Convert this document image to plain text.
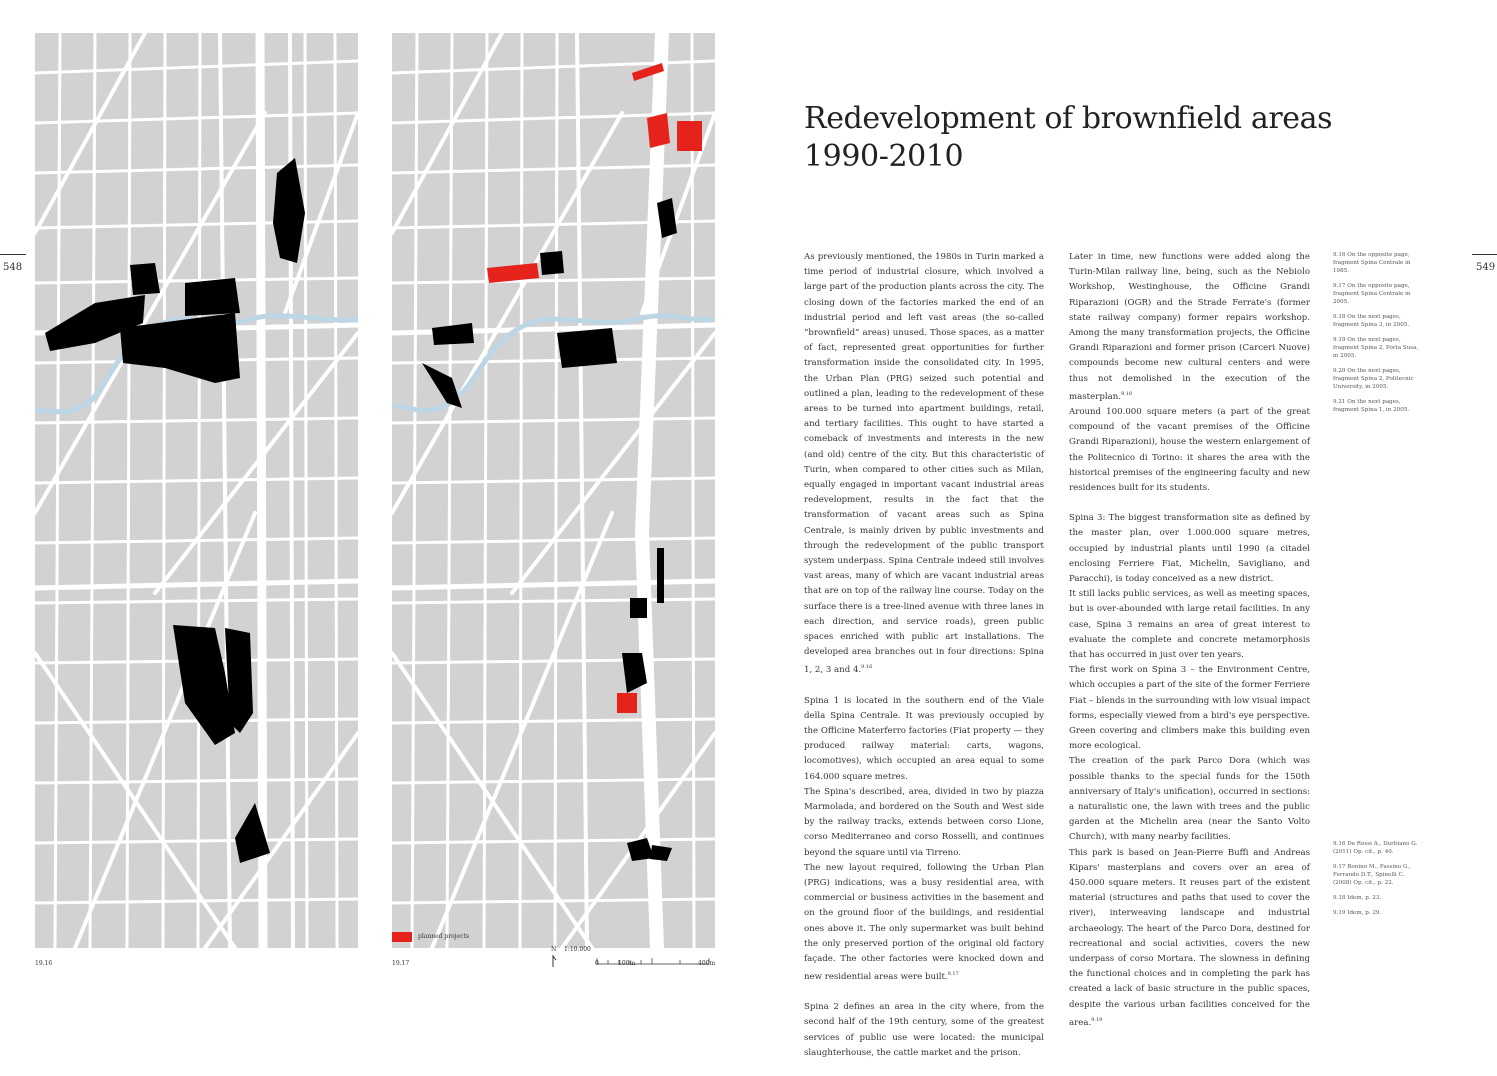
548	549
planned projects
19.16	19.17
N 1:10.000
0	100m	400m
Redevelopment of brownfield areas
1990-2010

As previously mentioned, the 1980s in Turin marked a time period of industrial closure, which involved a large part of the production plants across the city. The closing down of the factories marked the end of an industrial period and left vast areas (the so-called “brownfield” areas) unused. Those spaces, as a matter of fact, represented great opportunities for further transformation inside the consolidated city. In 1995, the Urban Plan (PRG) seized such potential and outlined a plan, leading to the redevelopment of these areas to be turned into apartment buildings, retail, and tertiary facilities. This ought to have started a comeback of investments and interests in the new (and old) centre of the city. But this characteristic of Turin, when compared to other cities such as Milan, equally engaged in important vacant industrial areas redevelopment, results in the fact that the transformation of vacant areas such as Spina Centrale, is mainly driven by public investments and through the redevelopment of the public transport system underpass. Spina Centrale indeed still involves vast areas, many of which are vacant industrial areas that are on top of the railway line course. Today on the surface there is a tree-lined avenue with three lanes in each direction, and service roads), green public spaces enriched with public art installations. The developed area branches out in four directions: Spina 1, 2, 3 and 4.$^{9.16}$

Spina 1 is located in the southern end of the Viale della Spina Centrale. It was previously occupied by the Officine Materferro factories (Fiat property — they produced railway material: carts, wagons, locomotives), which occupied an area equal to some 164.000 square metres.

The Spina's described, area, divided in two by piazza Marmolada, and bordered on the South and West side by the railway tracks, extends between corso Lione, corso Mediterraneo and corso Rosselli, and continues beyond the square until via Tirreno.

The new layout required, following the Urban Plan (PRG) indications, was a busy residential area, with commercial or business activities in the basement and on the ground floor of the buildings, and residential ones above it. The only supermarket was built behind the only preserved portion of the original old factory façade. The other factories were knocked down and new residential areas were built.$^{9.17}$

Spina 2 defines an area in the city where, from the second half of the 19th century, some of the greatest services of public use were located: the municipal slaughterhouse, the cattle market and the prison.

Later in time, new functions were added along the Turin-Milan railway line, being, such as the Nebiolo Workshop, Westinghouse, the Officine Grandi Riparazioni (OGR) and the Strade Ferrate's (former state railway company) former repairs workshop. Among the many transformation projects, the Officine Grandi Riparazioni and former prison (Carceri Nuove) compounds become new cultural centers and were thus not demolished in the execution of the masterplan.$^{9.18}$

Around 100.000 square meters (a part of the great compound of the vacant premises of the Officine Grandi Riparazioni), house the western enlargement of the Politecnico di Torino: it shares the area with the historical premises of the engineering faculty and new residences built for its students.

Spina 3: The biggest transformation site as defined by the master plan, over 1.000.000 square metres, occupied by industrial plants until 1990 (a citadel enclosing Ferriere Fiat, Michelin, Savigliano, and Paracchi), is today conceived as a new district.

It still lacks public services, as well as meeting spaces, but is over-abounded with large retail facilities. In any case, Spina 3 remains an area of great interest to evaluate the complete and concrete metamorphosis that has occurred in just over ten years.

The first work on Spina 3 – the Environment Centre, which occupies a part of the site of the former Ferriere Fiat – blends in the surrounding with low visual impact forms, especially viewed from a bird's eye perspective. Green covering and climbers make this building even more ecological.

The creation of the park Parco Dora (which was possible thanks to the special funds for the 150th anniversary of Italy's unification), occurred in sections: a naturalistic one, the lawn with trees and the public garden at the Michelin area (near the Santo Volto Church), with many nearby facilities.

This park is based on Jean-Pierre Buffi and Andreas Kipars' masterplans and covers over an area of 450.000 square meters. It reuses part of the existent material (structures and paths that used to cover the river), interweaving landscape and industrial archaeology. The heart of the Parco Dora, destined for recreational and social activities, covers the new underpass of corso Mortara. The slowness in defining the functional choices and in completing the park has created a lack of basic structure in the public spaces, despite the various urban facilities conceived for the area.$^{9.19}$

9.16 On the opposite page, fragment Spina Centrale in 1985.
9.17 On the opposite page, fragment Spina Centrale in 2005.
9.18 On the next pages, fragment Spina 3, in 2005.
9.19 On the next pages, fragment Spina 2, Porta Susa, in 2005.
9.20 On the next pages, fragment Spina 2, Politecnic University, in 2005.
9.21 On the next pages, fragment Spina 1, in 2005.
9.16 De Rossi A., Durbiano G. (2011) Op. cit., p. 40.
9.17 Bonino M., Fassino G., Ferrando D.T., Spinelli C. (2008) Op. cit., p. 22.
9.18 Idem, p. 23.
9.19 Idem, p. 29.
